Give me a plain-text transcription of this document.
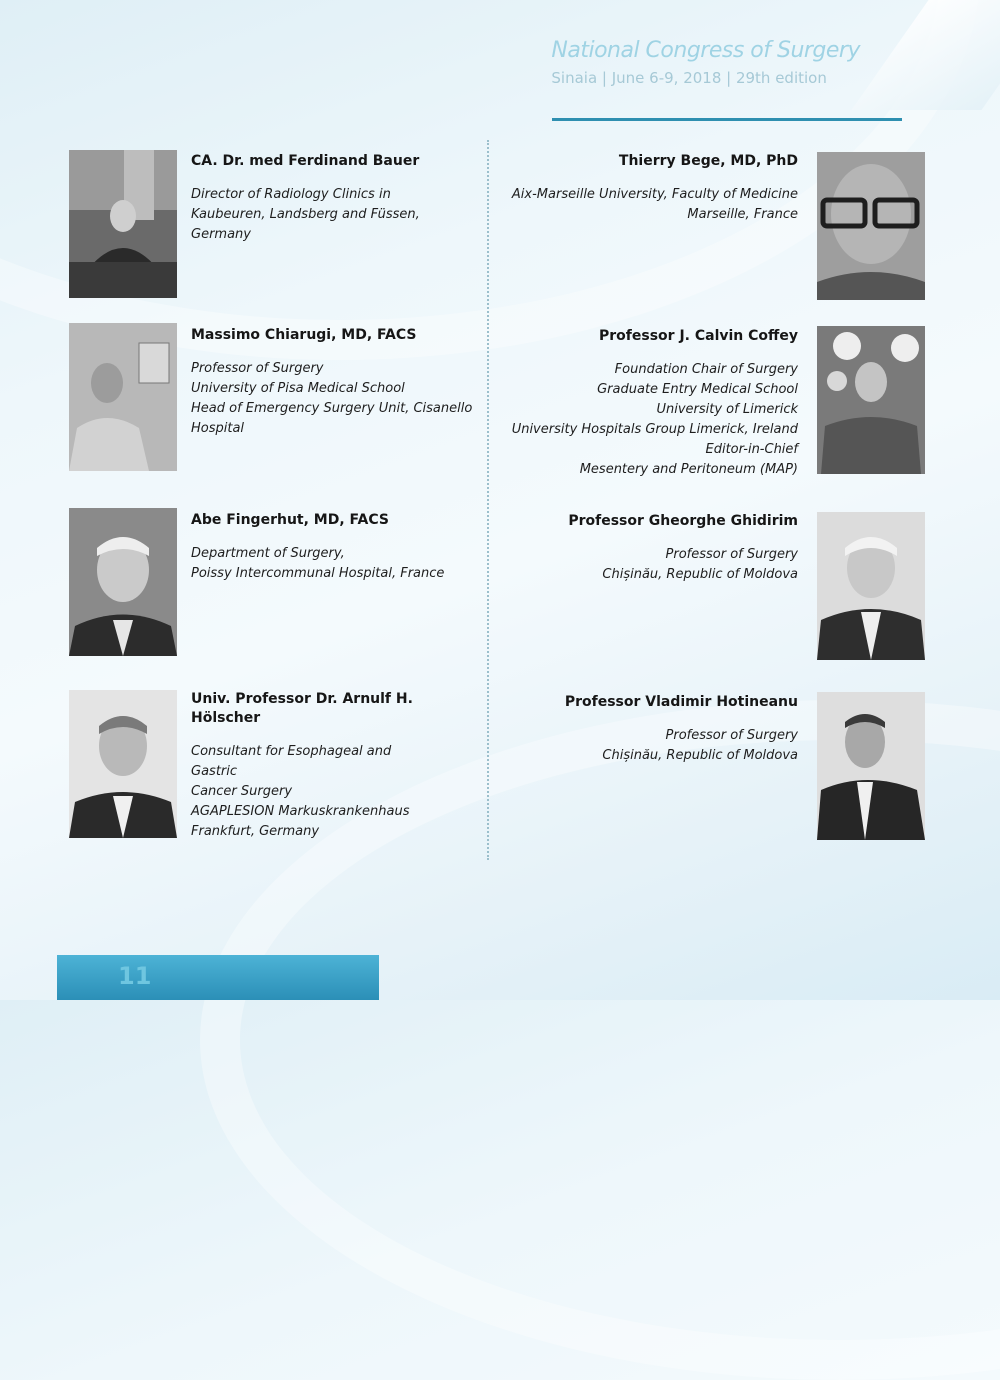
National Congress of Surgery
Sinaia | June 6-9, 2018 | 29th edition
CA. Dr. med Ferdinand Bauer
Director of Radiology Clinics in
Kaubeuren, Landsberg and Füssen,
Germany
Massimo Chiarugi, MD, FACS
Professor of Surgery
University of Pisa Medical School
Head of Emergency Surgery Unit, Cisanello
Hospital
Abe Fingerhut, MD, FACS
Department of Surgery,
Poissy Intercommunal Hospital, France
Univ. Professor Dr. Arnulf H. Hölscher
Consultant for Esophageal and Gastric
Cancer Surgery
AGAPLESION Markuskrankenhaus
Frankfurt, Germany
Thierry Bege, MD, PhD
Aix-Marseille University, Faculty of Medicine
Marseille, France
Professor J. Calvin Coffey
Foundation Chair of Surgery
Graduate Entry Medical School
University of Limerick
University Hospitals Group Limerick, Ireland
Editor-in-Chief
Mesentery and Peritoneum (MAP)
Professor Gheorghe Ghidirim
Professor of Surgery
Chișinău, Republic of Moldova
Professor Vladimir Hotineanu
Professor of Surgery
Chișinău, Republic of Moldova
11
